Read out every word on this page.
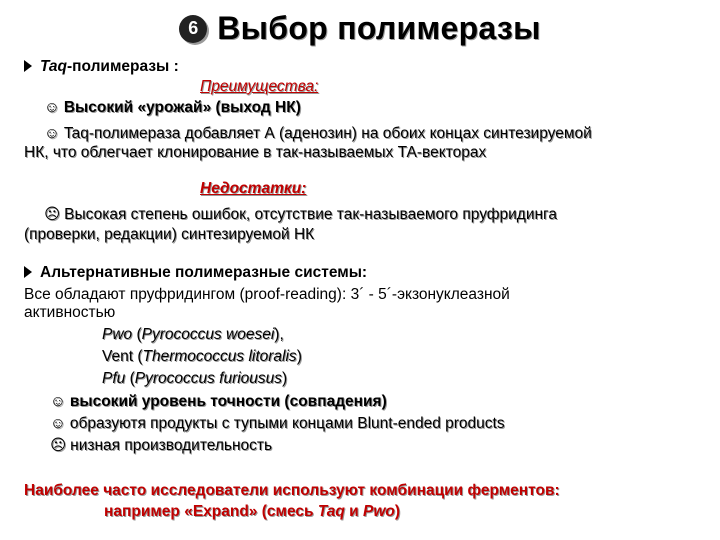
6 Выбор полимеразы
Taq-полимеразы :
Преимущества:
☺ Высокий «урожай» (выход НК)
☺ Taq-полимераза добавляет А (аденозин) на обоих концах синтезируемой
НК, что облегчает клонирование в так-называемых ТА-векторах
Недостатки:
☹ Высокая степень ошибок, отсутствие так-называемого пруфридинга
(проверки, редакции) синтезируемой НК
Альтернативные полимеразные системы:
Все обладают пруфридингом (proof-reading): 3´ - 5´-экзонуклеазной
активностью
Pwo (Pyrococcus woesei),
Vent (Thermococcus litoralis)
Pfu (Pyrococcus furiousus)
☺ высокий уровень точности (совпадения)
☺ образуютя продукты с тупыми концами Blunt-ended products
☹ низная производительность
Наиболее часто исследователи используют комбинации ферментов:
например «Expand» (смесь Taq и Pwo)
